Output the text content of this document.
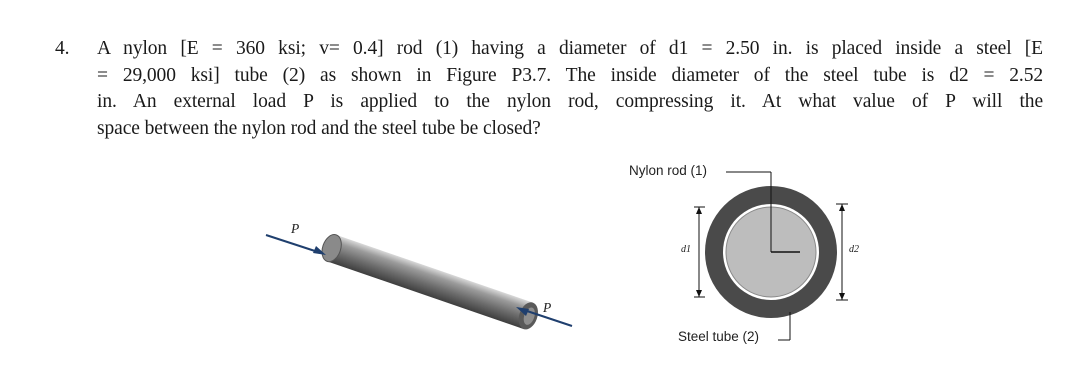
4. A nylon [E = 360 ksi; v= 0.4] rod (1) having a diameter of d1 = 2.50 in. is placed inside a steel [E
= 29,000 ksi] tube (2) as shown in Figure P3.7. The inside diameter of the steel tube is d2 = 2.52
in. An external load P is applied to the nylon rod, compressing it. At what value of P will the
space between the nylon rod and the steel tube be closed?
P
P
Nylon rod (1)
Steel tube (2)
d1	d2
